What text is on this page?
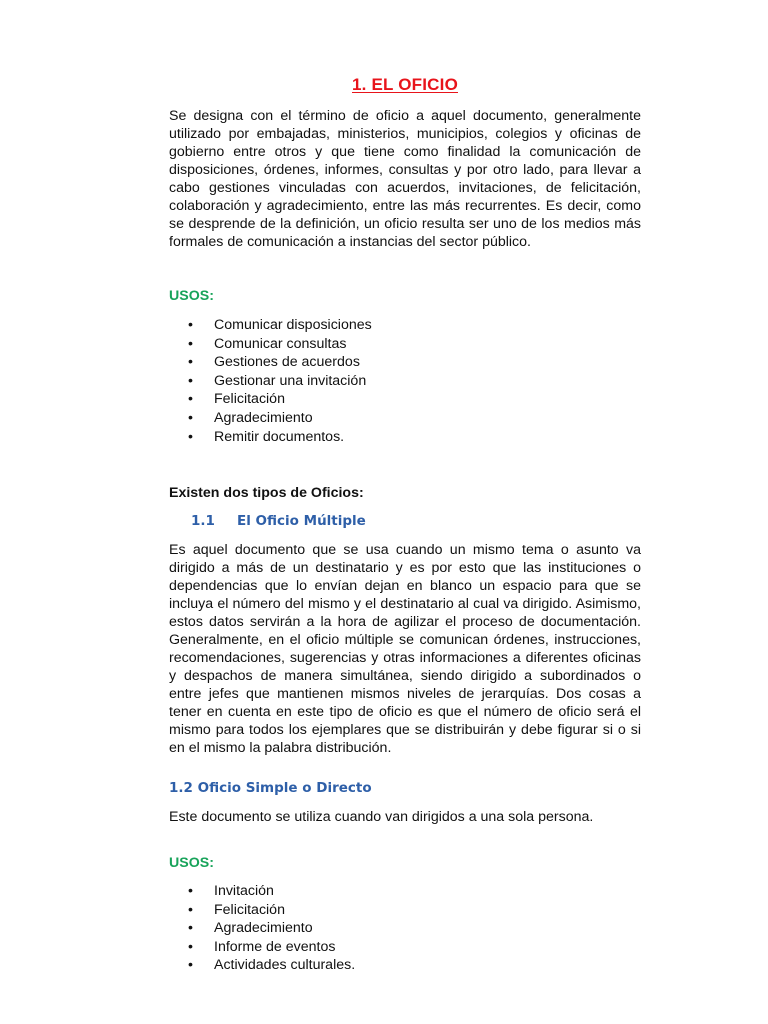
1. EL OFICIO

Se designa con el término de oficio a aquel documento, generalmente utilizado por embajadas, ministerios, municipios, colegios y oficinas de gobierno entre otros y que tiene como finalidad la comunicación de disposiciones, órdenes, informes, consultas y por otro lado, para llevar a cabo gestiones vinculadas con acuerdos, invitaciones, de felicitación, colaboración y agradecimiento, entre las más recurrentes. Es decir, como se desprende de la definición, un oficio resulta ser uno de los medios más formales de comunicación a instancias del sector público.

USOS:

• Comunicar disposiciones
• Comunicar consultas
• Gestiones de acuerdos
• Gestionar una invitación
• Felicitación
• Agradecimiento
• Remitir documentos.

Existen dos tipos de Oficios:

1.1 El Oficio Múltiple

Es aquel documento que se usa cuando un mismo tema o asunto va dirigido a más de un destinatario y es por esto que las instituciones o dependencias que lo envían dejan en blanco un espacio para que se incluya el número del mismo y el destinatario al cual va dirigido. Asimismo, estos datos servirán a la hora de agilizar el proceso de documentación. Generalmente, en el oficio múltiple se comunican órdenes, instrucciones, recomendaciones, sugerencias y otras informaciones a diferentes oficinas y despachos de manera simultánea, siendo dirigido a subordinados o entre jefes que mantienen mismos niveles de jerarquías. Dos cosas a tener en cuenta en este tipo de oficio es que el número de oficio será el mismo para todos los ejemplares que se distribuirán y debe figurar si o si en el mismo la palabra distribución.

1.2 Oficio Simple o Directo

Este documento se utiliza cuando van dirigidos a una sola persona.

USOS:

• Invitación
• Felicitación
• Agradecimiento
• Informe de eventos
• Actividades culturales.
